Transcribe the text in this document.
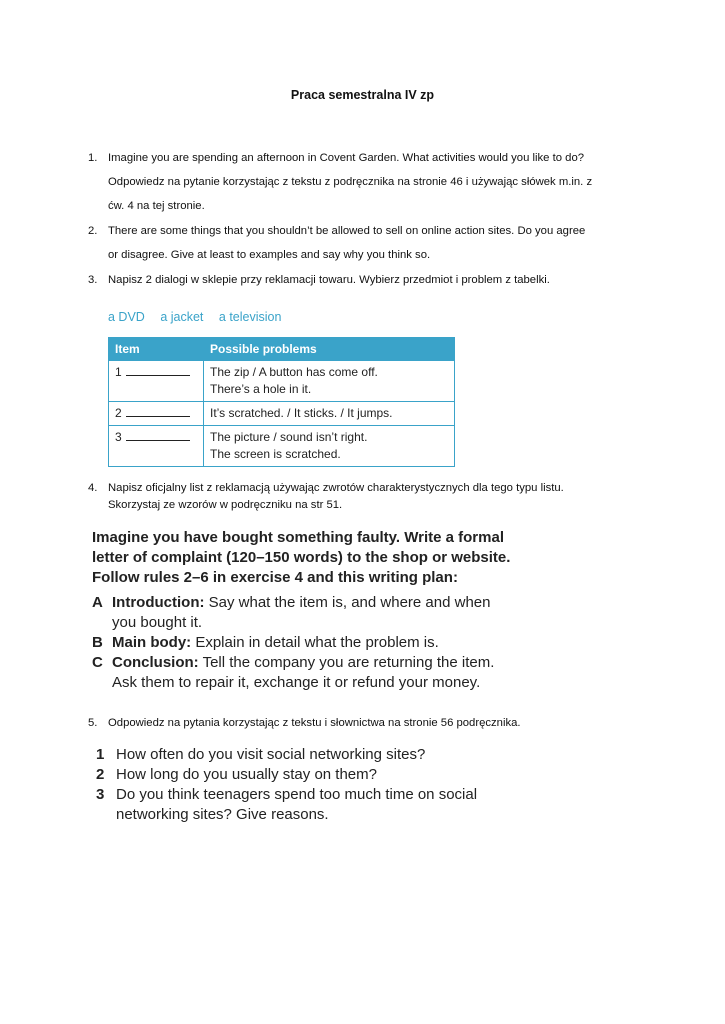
Praca semestralna IV zp
1. Imagine you are spending an afternoon in Covent Garden. What activities would you like to do?
Odpowiedz na pytanie korzystając z tekstu z podręcznika na stronie 46 i używając słówek m.in. z
ćw. 4 na tej stronie.
2. There are some things that you shouldn’t be allowed to sell on online action sites. Do you agree
or disagree. Give at least to examples and say why you think so.
3. Napisz 2 dialogi w sklepie przy reklamacji towaru. Wybierz przedmiot i problem z tabelki.
a DVD a jacket a television
Item	Possible problems
1	The zip / A button has come off.
There’s a hole in it.

2	It’s scratched. / It sticks. / It jumps.

3	The picture / sound isn’t right.
The screen is scratched.
4. Napisz oficjalny list z reklamacją używając zwrotów charakterystycznych dla tego typu listu.
Skorzystaj ze wzorów w podręczniku na str 51.
Imagine you have bought something faulty. Write a formal
letter of complaint (120–150 words) to the shop or website.
Follow rules 2–6 in exercise 4 and this writing plan:
A Introduction: Say what the item is, and where and when
you bought it.
B Main body: Explain in detail what the problem is.
C Conclusion: Tell the company you are returning the item.
Ask them to repair it, exchange it or refund your money.
5. Odpowiedz na pytania korzystając z tekstu i słownictwa na stronie 56 podręcznika.
1 How often do you visit social networking sites?
2 How long do you usually stay on them?
3 Do you think teenagers spend too much time on social
networking sites? Give reasons.
